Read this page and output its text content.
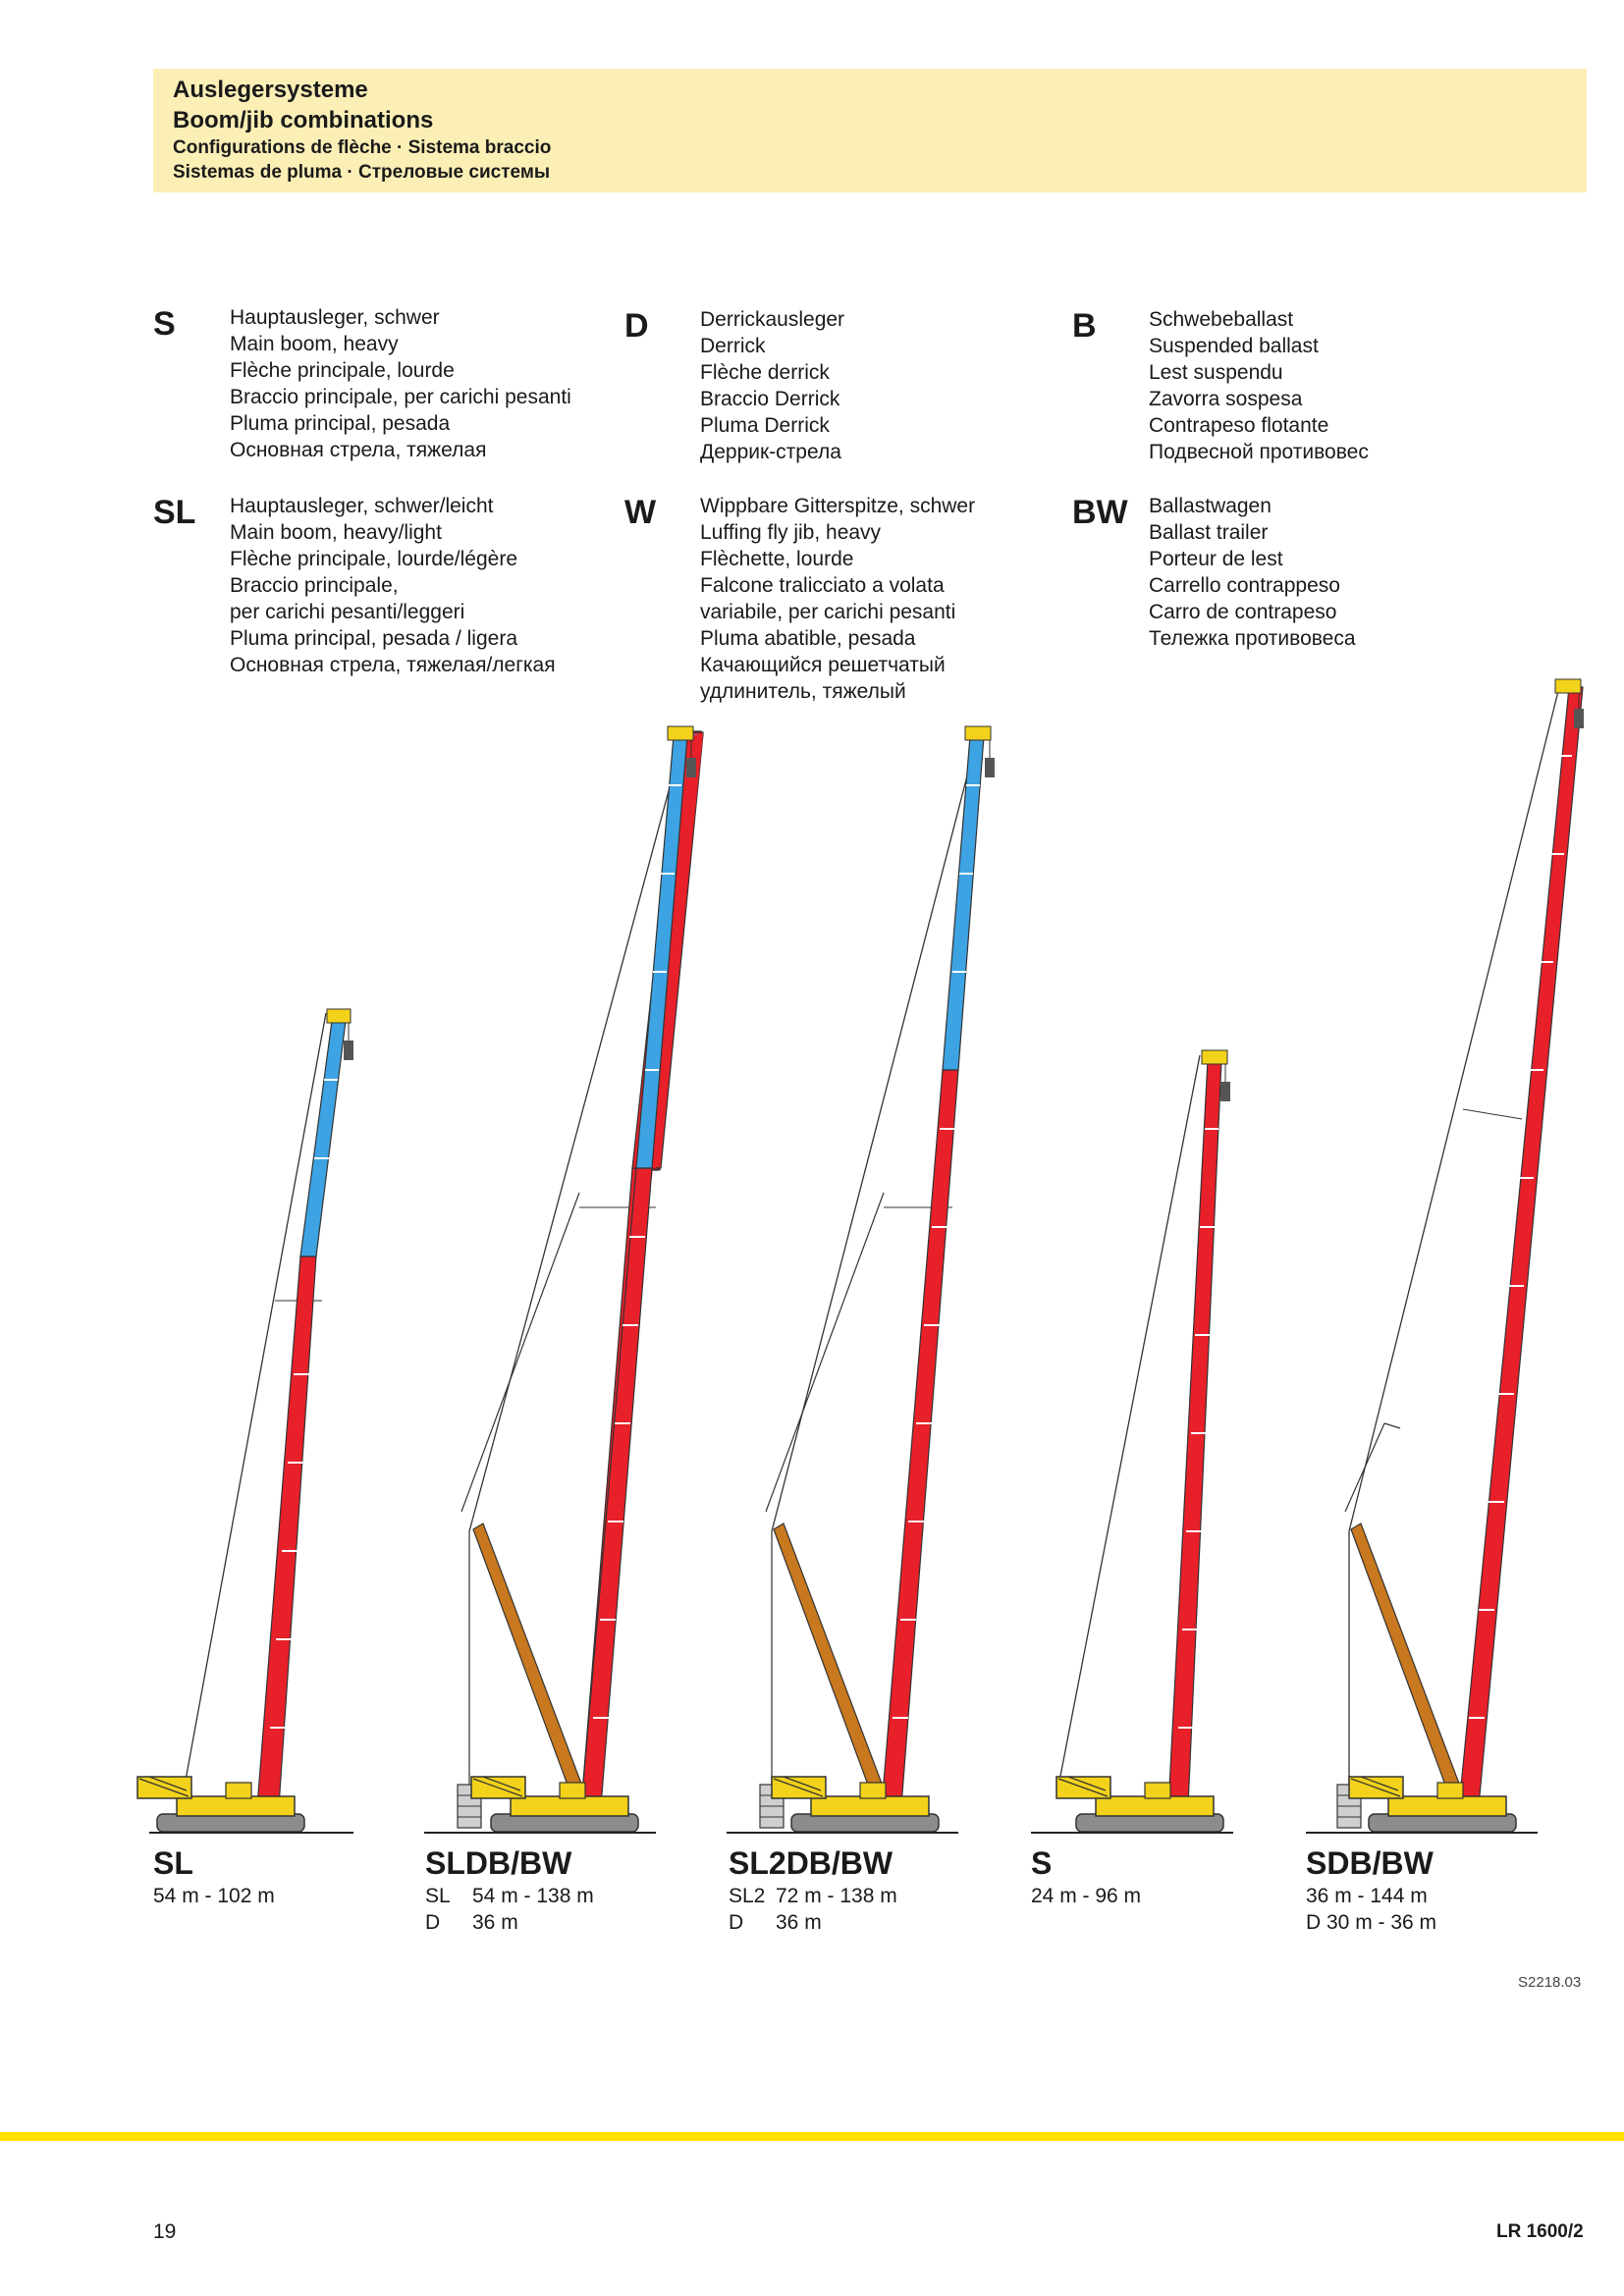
Auslegersysteme
Boom/jib combinations
Configurations de flèche · Sistema braccio
Sistemas de pluma · Стреловые системы
S	Hauptausleger, schwer
Main boom, heavy
Flèche principale, lourde
Braccio principale, per carichi pesanti
Pluma principal, pesada
Основная стрела, тяжелая
D Derrickausleger
Derrick
Flèche derrick
Braccio Derrick
Pluma Derrick
Деррик-стрела
B	Schwebeballast
Suspended ballast
Lest suspendu
Zavorra sospesa
Contrapeso flotante
Подвесной противовес
SL Hauptausleger, schwer/leicht
Main boom, heavy/light
Flèche principale, lourde/légère
Braccio principale,
per carichi pesanti/leggeri
Pluma principal, pesada / ligera
Основная стрела, тяжелая/легкая
W Wippbare Gitterspitze, schwer
Luffing fly jib, heavy
Flèchette, lourde
Falcone tralicciato a volata
variabile, per carichi pesanti
Pluma abatible, pesada
Качающийся решетчатый
удлинитель, тяжелый
BW Ballastwagen
Ballast trailer
Porteur de lest
Carrello contrappeso
Carro de contrapeso
Тележка противовеса
SL
54 m - 102 m
SLDB/BW
SL 54 m - 138 m
D 36 m
SL2DB/BW
SL2 72 m - 138 m
D 36 m
S
24 m - 96 m
SDB/BW
36 m - 144 m
D 30 m - 36 m
S2218.03
19	LR 1600/2
